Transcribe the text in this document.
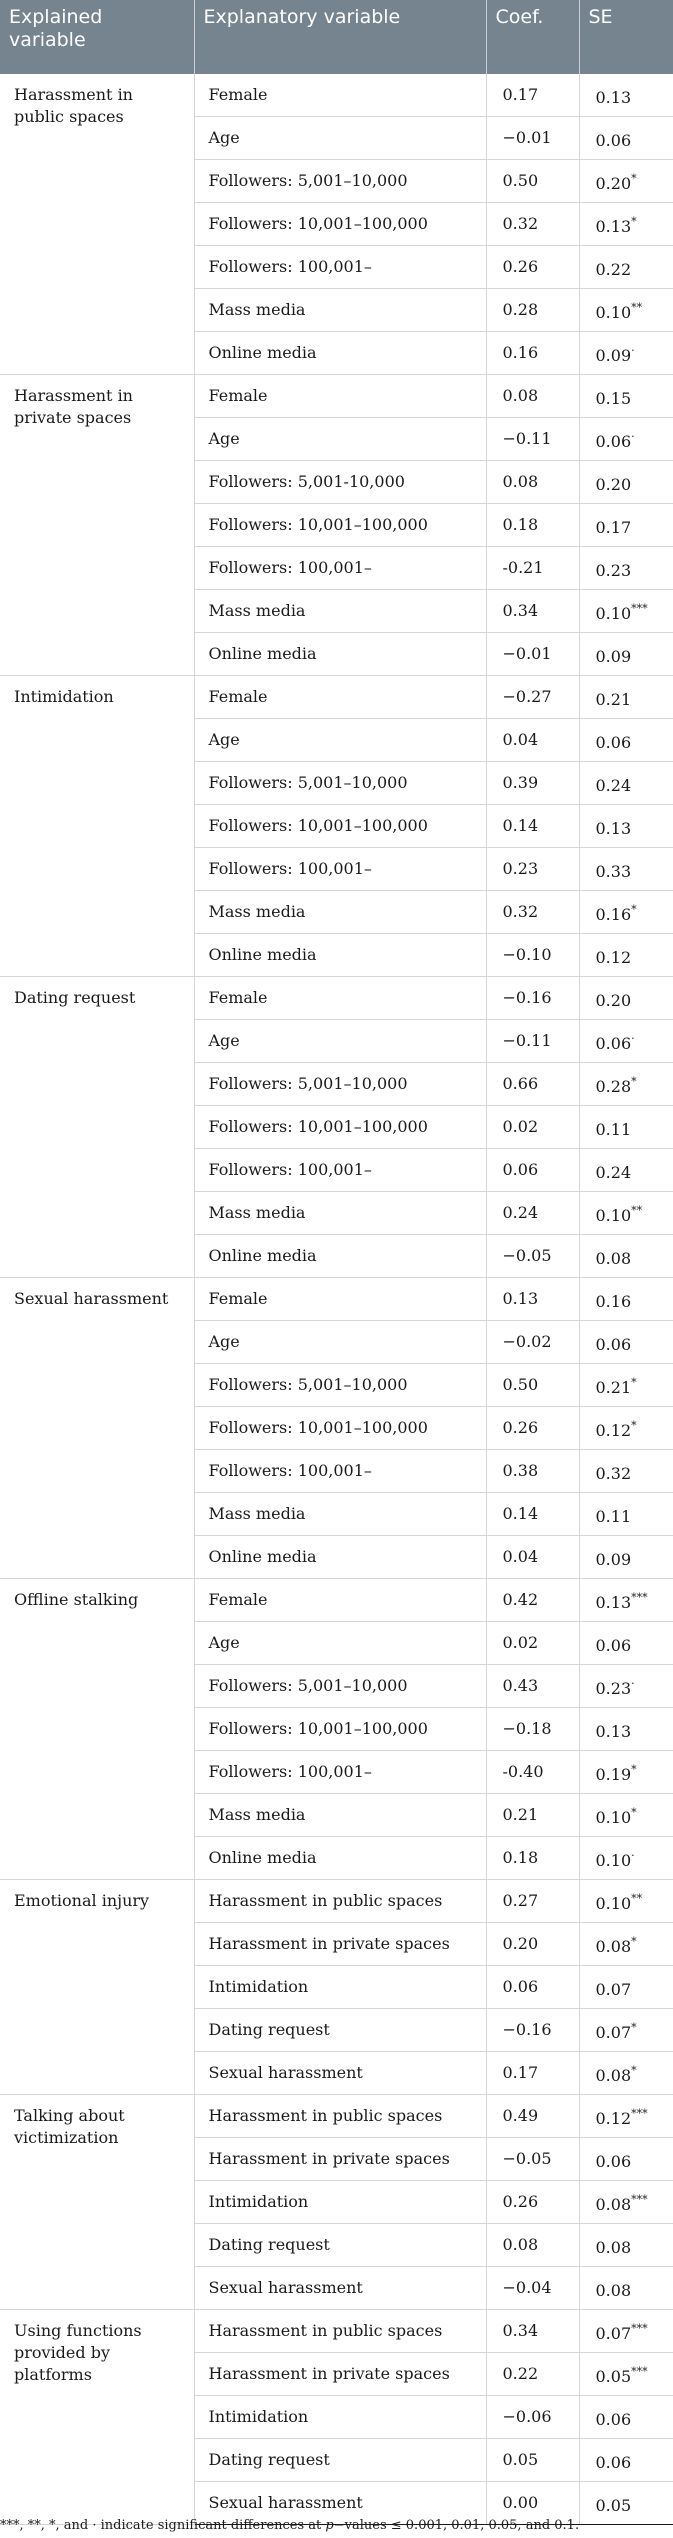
Explained variable	Explanatory variable	Coef.	SE
Harassment in public spaces	Female	0.17	0.13
	Age	−0.01	0.06
	Followers: 5,001–10,000	0.50	0.20*
	Followers: 10,001–100,000	0.32	0.13*
	Followers: 100,001–	0.26	0.22
	Mass media	0.28	0.10**
	Online media	0.16	0.09·
Harassment in private spaces	Female	0.08	0.15
	Age	−0.11	0.06·
	Followers: 5,001-10,000	0.08	0.20
	Followers: 10,001–100,000	0.18	0.17
	Followers: 100,001–	-0.21	0.23
	Mass media	0.34	0.10***
	Online media	−0.01	0.09
Intimidation	Female	−0.27	0.21
	Age	0.04	0.06
	Followers: 5,001–10,000	0.39	0.24
	Followers: 10,001–100,000	0.14	0.13
	Followers: 100,001–	0.23	0.33
	Mass media	0.32	0.16*
	Online media	−0.10	0.12
Dating request	Female	−0.16	0.20
	Age	−0.11	0.06·
	Followers: 5,001–10,000	0.66	0.28*
	Followers: 10,001–100,000	0.02	0.11
	Followers: 100,001–	0.06	0.24
	Mass media	0.24	0.10**
	Online media	−0.05	0.08
Sexual harassment	Female	0.13	0.16
	Age	−0.02	0.06
	Followers: 5,001–10,000	0.50	0.21*
	Followers: 10,001–100,000	0.26	0.12*
	Followers: 100,001–	0.38	0.32
	Mass media	0.14	0.11
	Online media	0.04	0.09
Offline stalking	Female	0.42	0.13***
	Age	0.02	0.06
	Followers: 5,001–10,000	0.43	0.23·
	Followers: 10,001–100,000	−0.18	0.13
	Followers: 100,001–	-0.40	0.19*
	Mass media	0.21	0.10*
	Online media	0.18	0.10·
Emotional injury	Harassment in public spaces	0.27	0.10**
	Harassment in private spaces	0.20	0.08*
	Intimidation	0.06	0.07
	Dating request	−0.16	0.07*
	Sexual harassment	0.17	0.08*
Talking about victimization	Harassment in public spaces	0.49	0.12***
	Harassment in private spaces	−0.05	0.06
	Intimidation	0.26	0.08***
	Dating request	0.08	0.08
	Sexual harassment	−0.04	0.08
Using functions provided by platforms	Harassment in public spaces	0.34	0.07***
	Harassment in private spaces	0.22	0.05***
	Intimidation	−0.06	0.06
	Dating request	0.05	0.06
	Sexual harassment	0.00	0.05
***, **, *, and · indicate significant differences at p−values ≤ 0.001, 0.01, 0.05, and 0.1.
